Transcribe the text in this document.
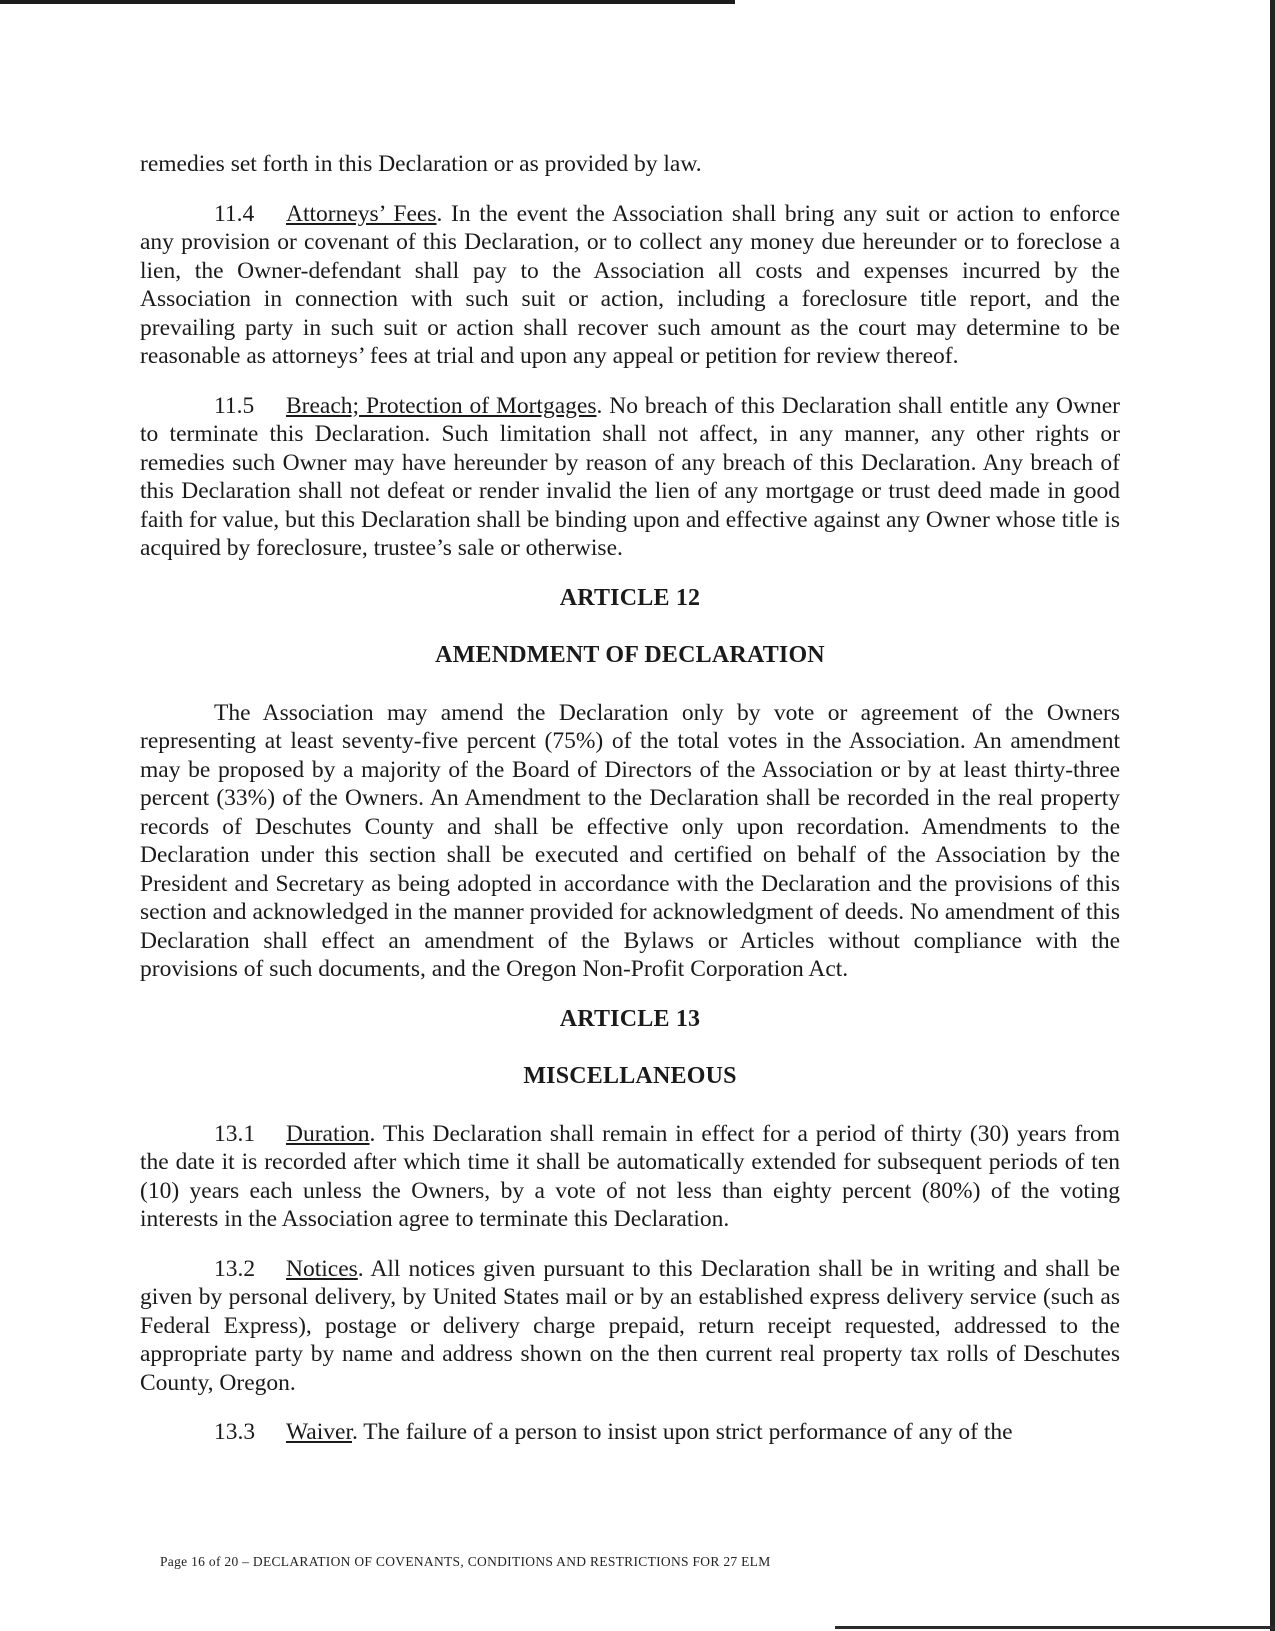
remedies set forth in this Declaration or as provided by law.

11.4 Attorneys’ Fees. In the event the Association shall bring any suit or action to enforce any provision or covenant of this Declaration, or to collect any money due hereunder or to foreclose a lien, the Owner-defendant shall pay to the Association all costs and expenses incurred by the Association in connection with such suit or action, including a foreclosure title report, and the prevailing party in such suit or action shall recover such amount as the court may determine to be reasonable as attorneys’ fees at trial and upon any appeal or petition for review thereof.

11.5 Breach; Protection of Mortgages. No breach of this Declaration shall entitle any Owner to terminate this Declaration. Such limitation shall not affect, in any manner, any other rights or remedies such Owner may have hereunder by reason of any breach of this Declaration. Any breach of this Declaration shall not defeat or render invalid the lien of any mortgage or trust deed made in good faith for value, but this Declaration shall be binding upon and effective against any Owner whose title is acquired by foreclosure, trustee’s sale or otherwise.

ARTICLE 12
AMENDMENT OF DECLARATION

The Association may amend the Declaration only by vote or agreement of the Owners representing at least seventy-five percent (75%) of the total votes in the Association. An amendment may be proposed by a majority of the Board of Directors of the Association or by at least thirty-three percent (33%) of the Owners. An Amendment to the Declaration shall be recorded in the real property records of Deschutes County and shall be effective only upon recordation. Amendments to the Declaration under this section shall be executed and certified on behalf of the Association by the President and Secretary as being adopted in accordance with the Declaration and the provisions of this section and acknowledged in the manner provided for acknowledgment of deeds. No amendment of this Declaration shall effect an amendment of the Bylaws or Articles without compliance with the provisions of such documents, and the Oregon Non-Profit Corporation Act.

ARTICLE 13
MISCELLANEOUS

13.1 Duration. This Declaration shall remain in effect for a period of thirty (30) years from the date it is recorded after which time it shall be automatically extended for subsequent periods of ten (10) years each unless the Owners, by a vote of not less than eighty percent (80%) of the voting interests in the Association agree to terminate this Declaration.

13.2 Notices. All notices given pursuant to this Declaration shall be in writing and shall be given by personal delivery, by United States mail or by an established express delivery service (such as Federal Express), postage or delivery charge prepaid, return receipt requested, addressed to the appropriate party by name and address shown on the then current real property tax rolls of Deschutes County, Oregon.

13.3 Waiver. The failure of a person to insist upon strict performance of any of the

Page 16 of 20 – DECLARATION OF COVENANTS, CONDITIONS AND RESTRICTIONS FOR 27 ELM
